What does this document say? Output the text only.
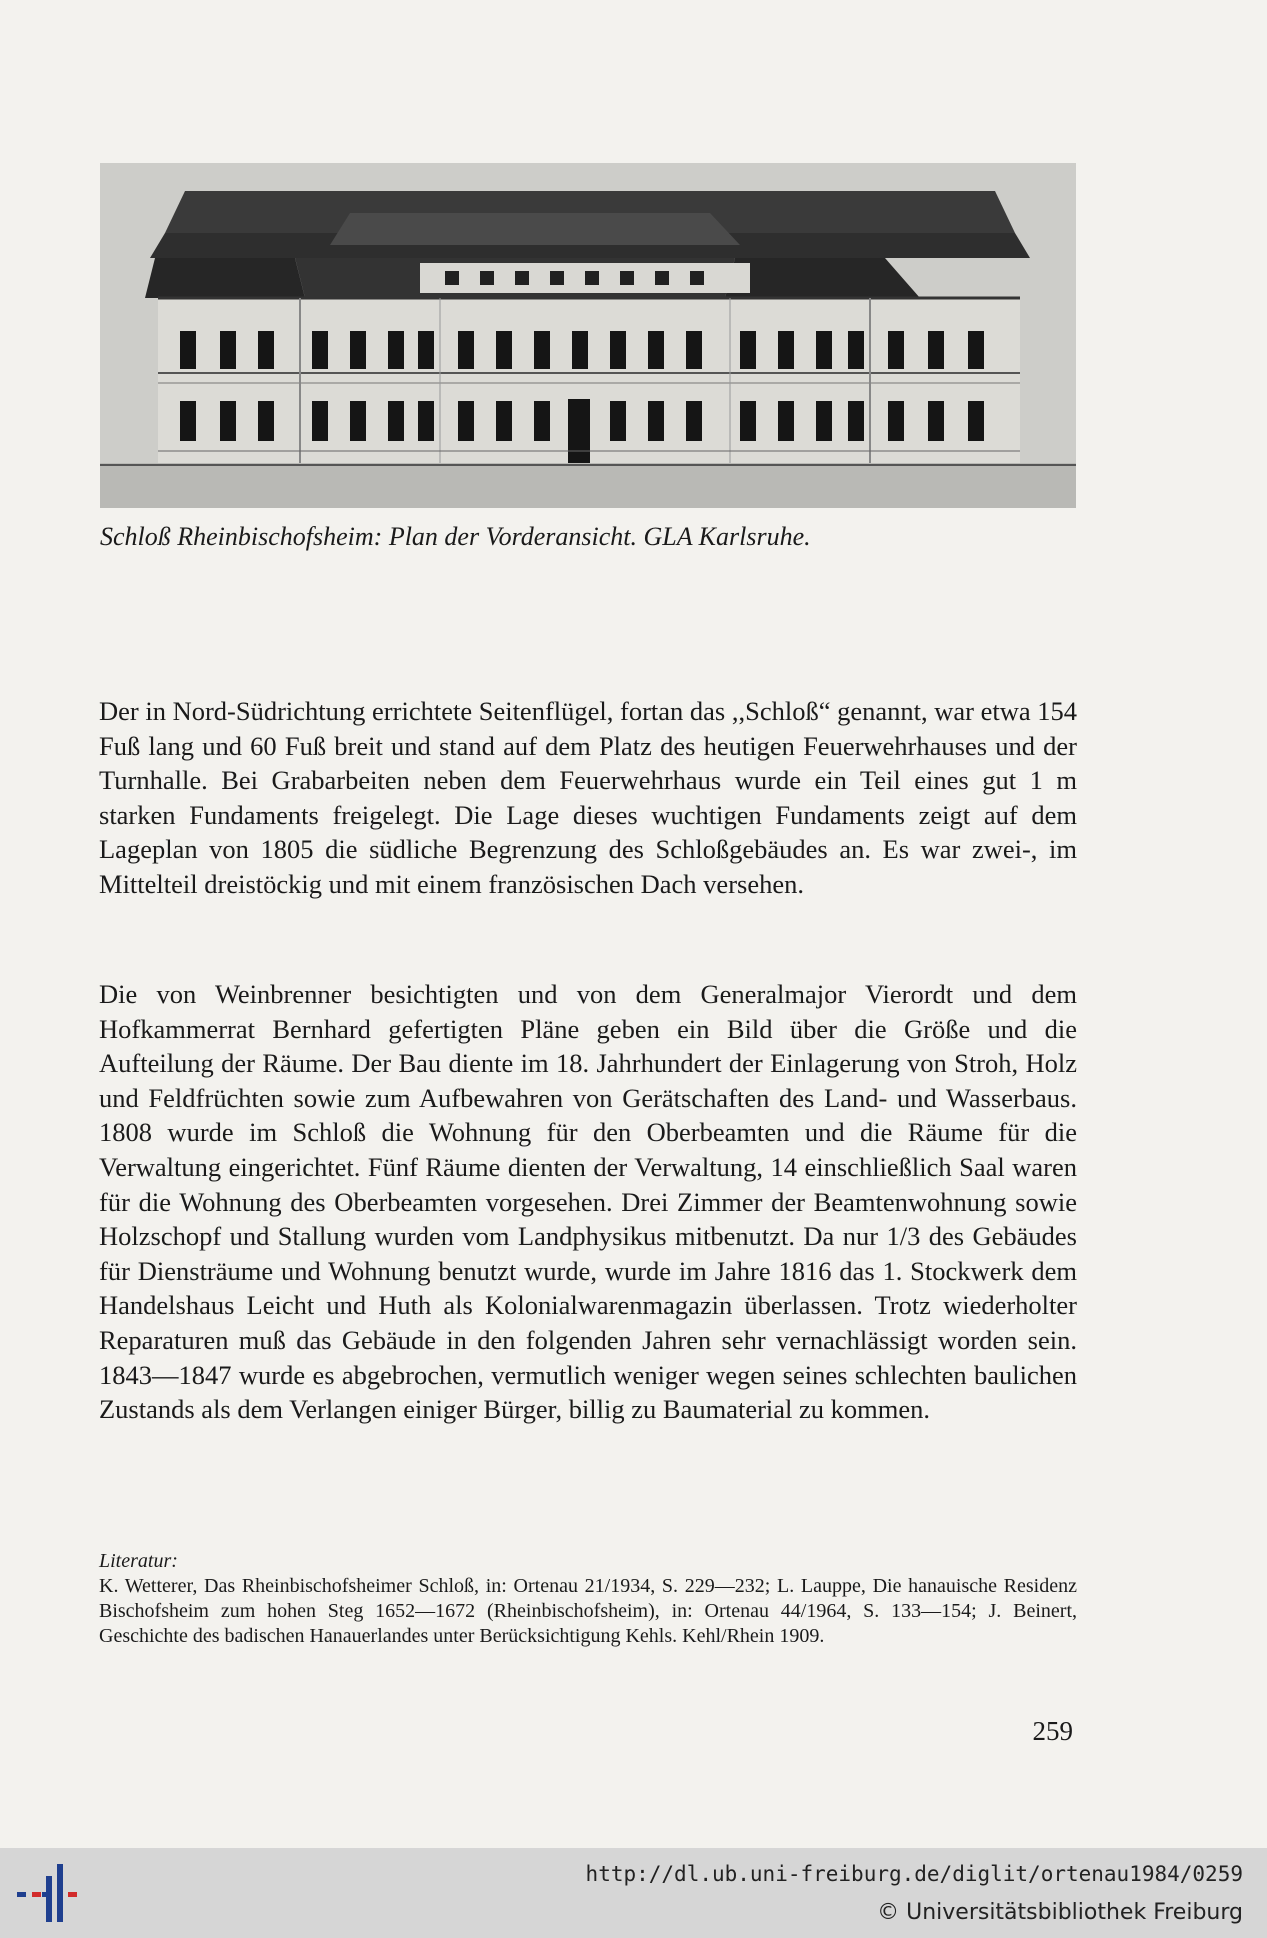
Schloß Rheinbischofsheim: Plan der Vorderansicht. GLA Karlsruhe.

Der in Nord-Südrichtung errichtete Seitenflügel, fortan das ,,Schloß“ genannt, war etwa 154 Fuß lang und 60 Fuß breit und stand auf dem Platz des heutigen Feuerwehrhauses und der Turnhalle. Bei Grabarbeiten neben dem Feuerwehrhaus wurde ein Teil eines gut 1 m starken Fundaments freigelegt. Die Lage dieses wuchtigen Fundaments zeigt auf dem Lageplan von 1805 die südliche Begrenzung des Schloßgebäudes an. Es war zwei-, im Mittelteil dreistöckig und mit einem französischen Dach versehen.

Die von Weinbrenner besichtigten und von dem Generalmajor Vierordt und dem Hofkammerrat Bernhard gefertigten Pläne geben ein Bild über die Größe und die Aufteilung der Räume. Der Bau diente im 18. Jahrhundert der Einlagerung von Stroh, Holz und Feldfrüchten sowie zum Aufbewahren von Gerätschaften des Land- und Wasserbaus. 1808 wurde im Schloß die Wohnung für den Oberbeamten und die Räume für die Verwaltung eingerichtet. Fünf Räume dienten der Verwaltung, 14 einschließlich Saal waren für die Wohnung des Oberbeamten vorgesehen. Drei Zimmer der Beamtenwohnung sowie Holzschopf und Stallung wurden vom Landphysikus mitbenutzt. Da nur 1/3 des Gebäudes für Diensträume und Wohnung benutzt wurde, wurde im Jahre 1816 das 1. Stockwerk dem Handelshaus Leicht und Huth als Kolonialwarenmagazin überlassen. Trotz wiederholter Reparaturen muß das Gebäude in den folgenden Jahren sehr vernachlässigt worden sein. 1843—1847 wurde es abgebrochen, vermutlich weniger wegen seines schlechten baulichen Zustands als dem Verlangen einiger Bürger, billig zu Baumaterial zu kommen.

Literatur:
K. Wetterer, Das Rheinbischofsheimer Schloß, in: Ortenau 21/1934, S. 229—232; L. Lauppe, Die hanauische Residenz Bischofsheim zum hohen Steg 1652—1672 (Rheinbischofsheim), in: Ortenau 44/1964, S. 133—154; J. Beinert, Geschichte des badischen Hanauerlandes unter Berücksichtigung Kehls. Kehl/Rhein 1909.
259
http://dl.ub.uni-freiburg.de/diglit/ortenau1984/0259
© Universitätsbibliothek Freiburg
